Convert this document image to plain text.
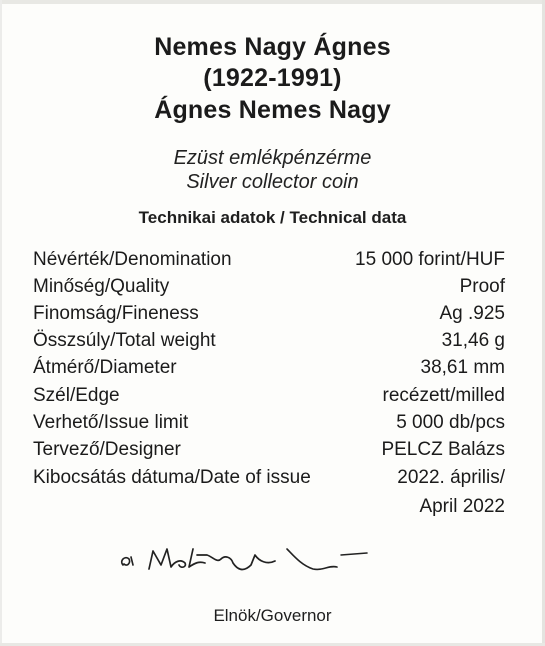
Nemes Nagy Ágnes
(1922-1991)
Ágnes Nemes Nagy
Ezüst emlékpénzérme
Silver collector coin
Technikai adatok / Technical data
Névérték/Denomination	15 000 forint/HUF
Minőség/Quality	Proof
Finomság/Fineness	Ag .925
Összsúly/Total weight	31,46 g
Átmérő/Diameter	38,61 mm
Szél/Edge	recézett/milled
Verhető/Issue limit	5 000 db/pcs
Tervező/Designer	PELCZ Balázs
Kibocsátás dátuma/Date of issue	2022. április/
April 2022
Elnök/Governor
